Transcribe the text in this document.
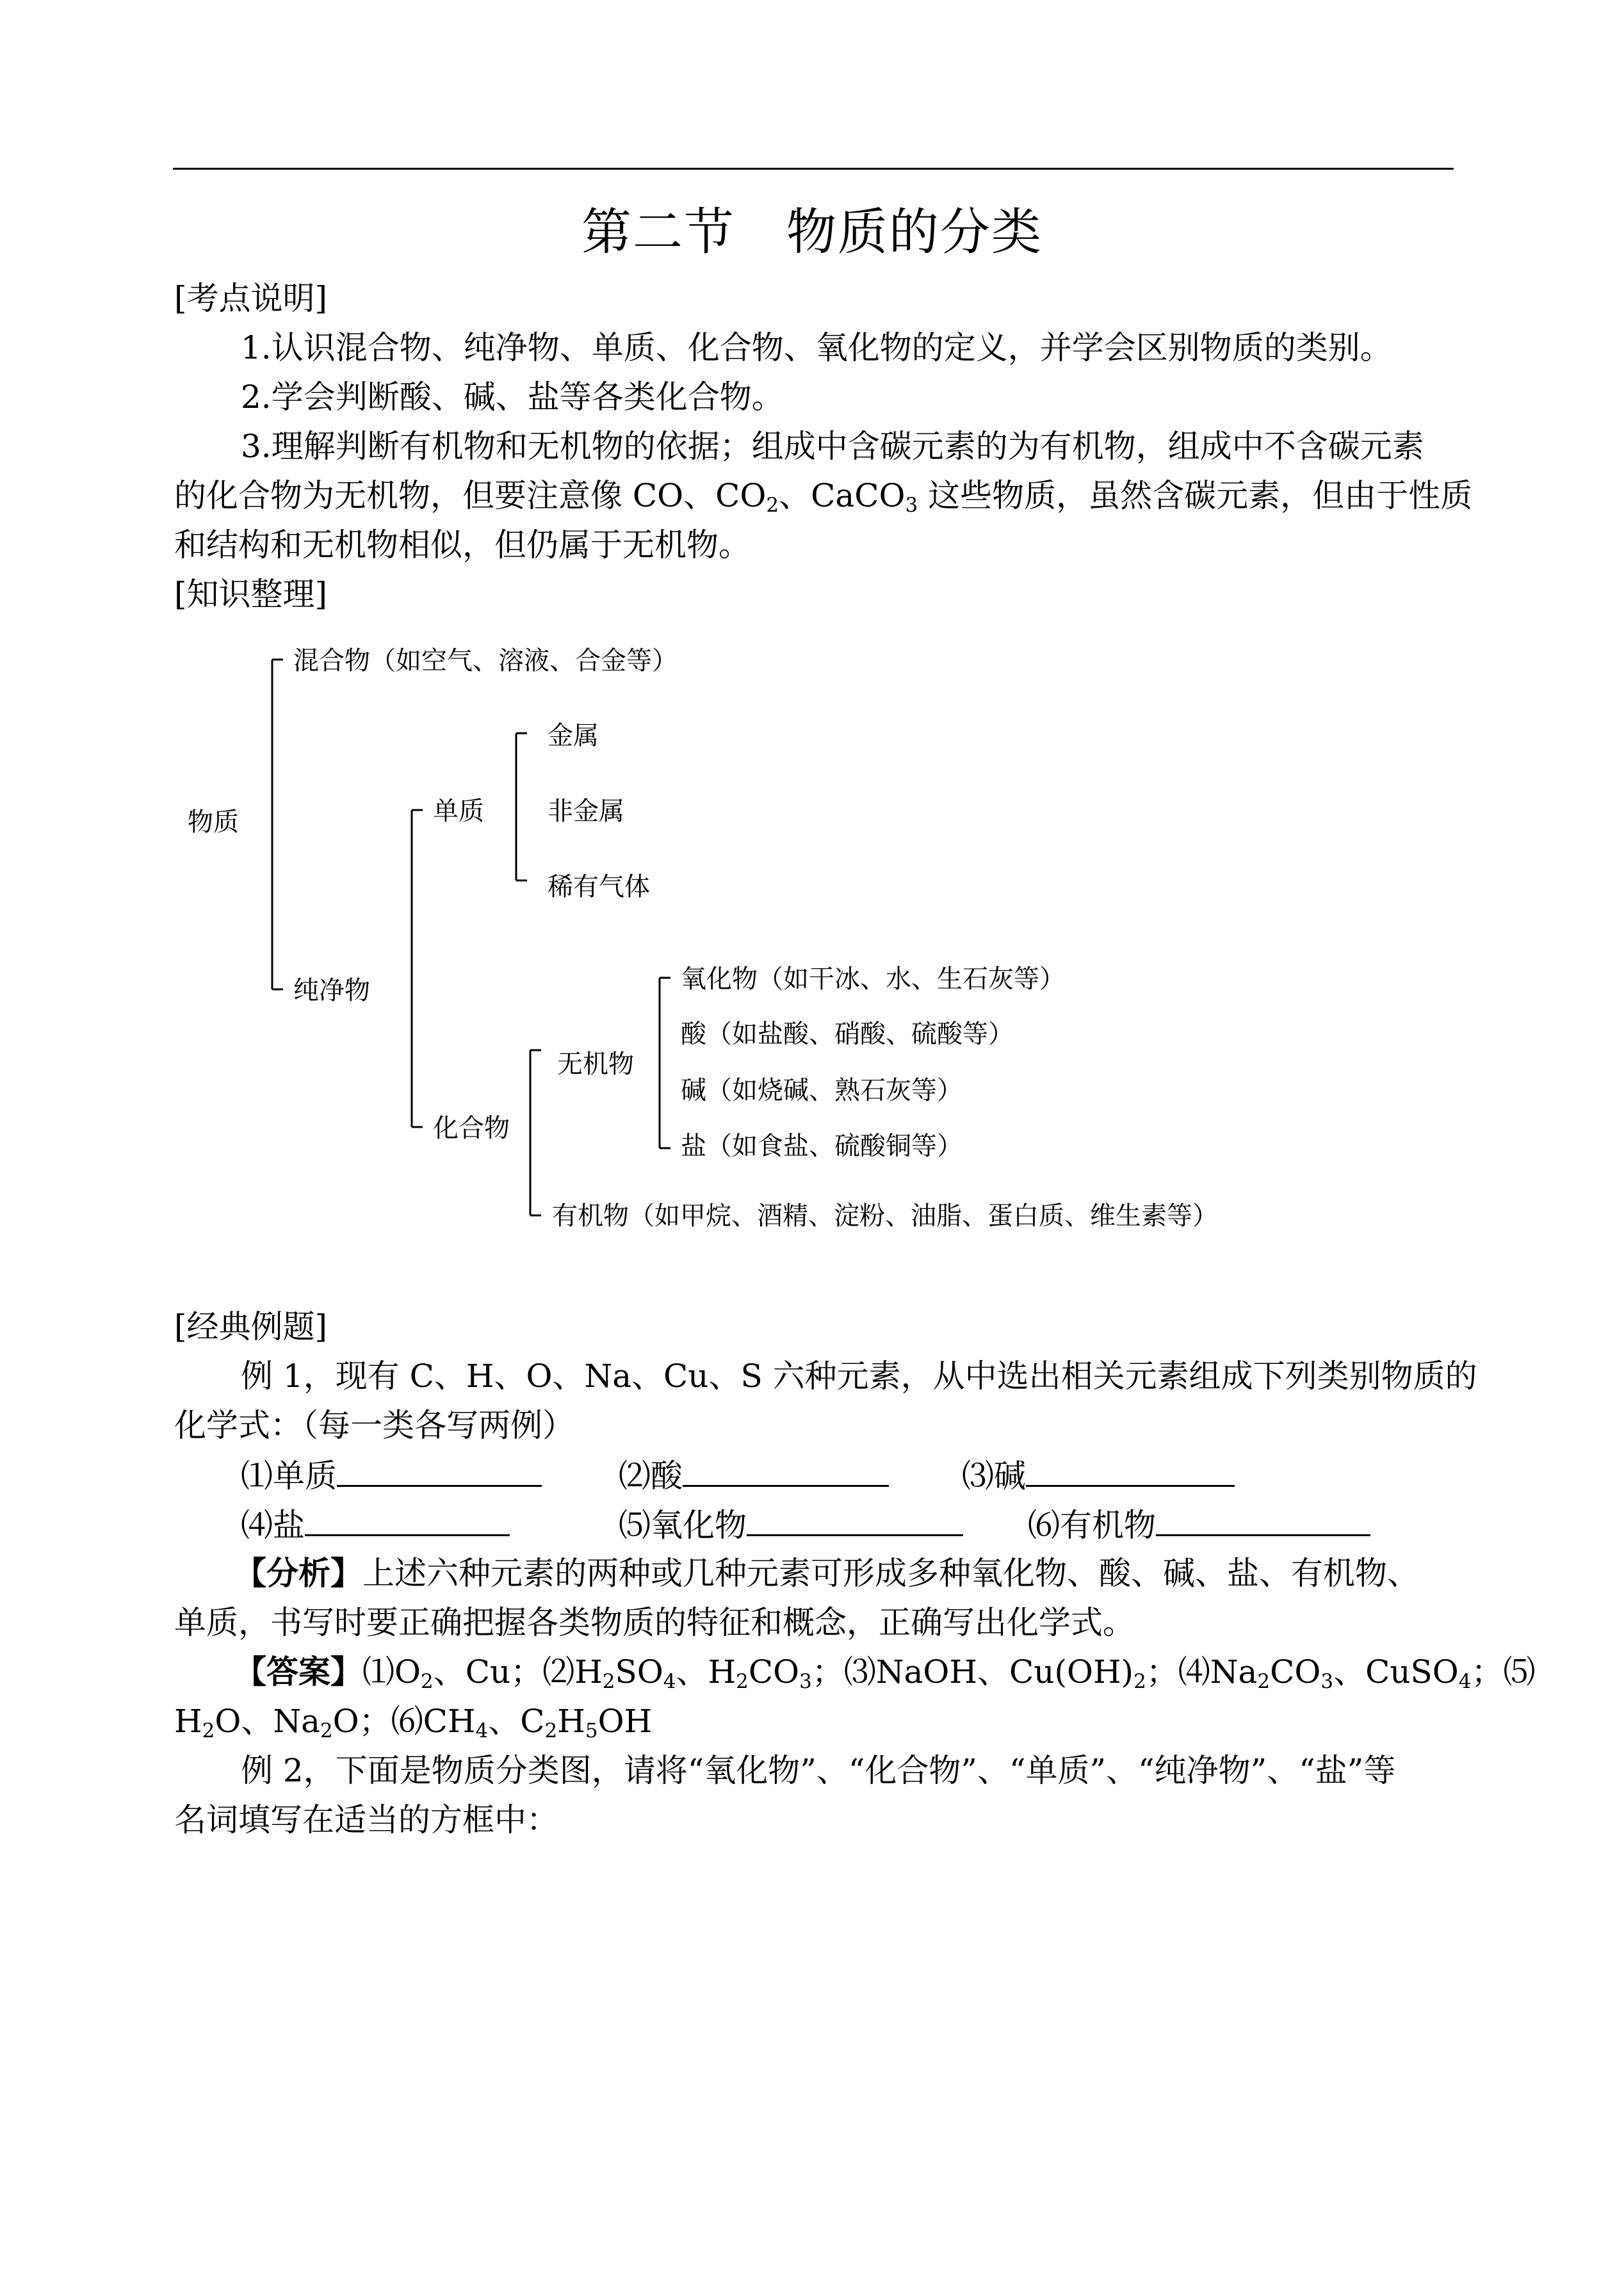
第二节　物质的分类
[考点说明]
1.认识混合物、纯净物、单质、化合物、氧化物的定义，并学会区别物质的类别。
2.学会判断酸、碱、盐等各类化合物。
3.理解判断有机物和无机物的依据；组成中含碳元素的为有机物，组成中不含碳元素
的化合物为无机物，但要注意像 CO、$CO_2$、CaCO$_3$ 这些物质，虽然含碳元素，但由于性质
和结构和无机物相似，但仍属于无机物。
[知识整理]
物质
混合物（如空气、溶液、合金等）
纯净物
单质
化合物
金属
非金属
稀有气体
无机物
有机物（如甲烷、酒精、淀粉、油脂、蛋白质、维生素等）
氧化物（如干冰、水、生石灰等）
酸（如盐酸、硝酸、硫酸等）
碱（如烧碱、熟石灰等）
盐（如食盐、硫酸铜等）
[经典例题]
例 1，现有 C、H、O、Na、Cu、S 六种元素，从中选出相关元素组成下列类别物质的
化学式：（每一类各写两例）
⑴单质	⑵酸	⑶碱
⑷盐	⑸氧化物	⑹有机物
【分析】上述六种元素的两种或几种元素可形成多种氧化物、酸、碱、盐、有机物、
单质，书写时要正确把握各类物质的特征和概念，正确写出化学式。
【答案】$⑴O_2$、Cu；$⑵H_2SO_4$、$H_2CO_3$；⑶NaOH、$Cu(OH)_2$；$⑷Na_2CO_3$、CuSO$_4$；⑸
$H_2O$、$Na_2O$；$⑹CH_4$、$C_2H_5OH$
例 2，下面是物质分类图，请将“氧化物”、“化合物”、“单质”、“纯净物”、“盐”等
名词填写在适当的方框中：
